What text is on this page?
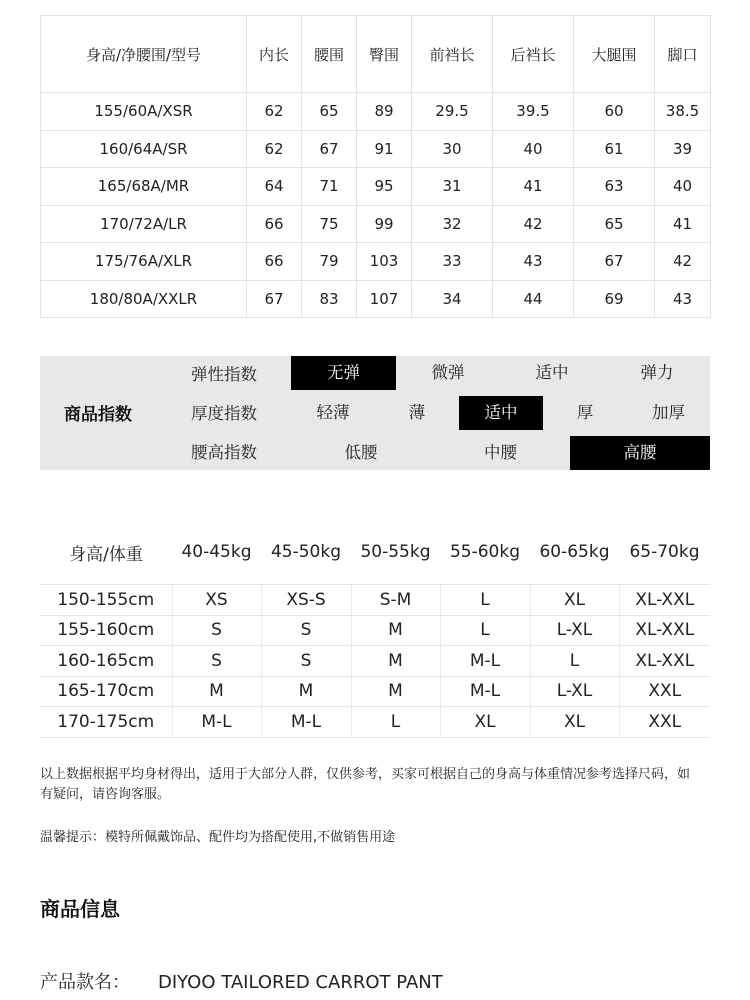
身高/净腰围/型号	内长	腰围	臀围	前裆长	后裆长	大腿围	脚口
155/60A/XSR	62	65	89	29.5	39.5	60	38.5
160/64A/SR	62	67	91	30	40	61	39
165/68A/MR	64	71	95	31	41	63	40
170/72A/LR	66	75	99	32	42	65	41
175/76A/XLR	66	79	103	33	43	67	42
180/80A/XXLR	67	83	107	34	44	69	43
商品指数
弹性指数	无弹	微弹	适中	弹力
厚度指数	轻薄	薄	适中	厚	加厚
腰高指数	低腰	中腰	高腰
身高/体重	40-45kg	45-50kg	50-55kg	55-60kg	60-65kg	65-70kg
150-155cm	XS	XS-S	S-M	L	XL	XL-XXL
155-160cm	S	S	M	L	L-XL	XL-XXL
160-165cm	S	S	M	M-L	L	XL-XXL
165-170cm	M	M	M	M-L	L-XL	XXL
170-175cm	M-L	M-L	L	XL	XL	XXL
以上数据根据平均身材得出，适用于大部分人群，仅供参考，买家可根据自己的身高与体重情况参考选择尺码，如有疑问，请咨询客服。
温馨提示：模特所佩戴饰品、配件均为搭配使用,不做销售用途
商品信息
产品款名： DIYOO TAILORED CARROT PANT
